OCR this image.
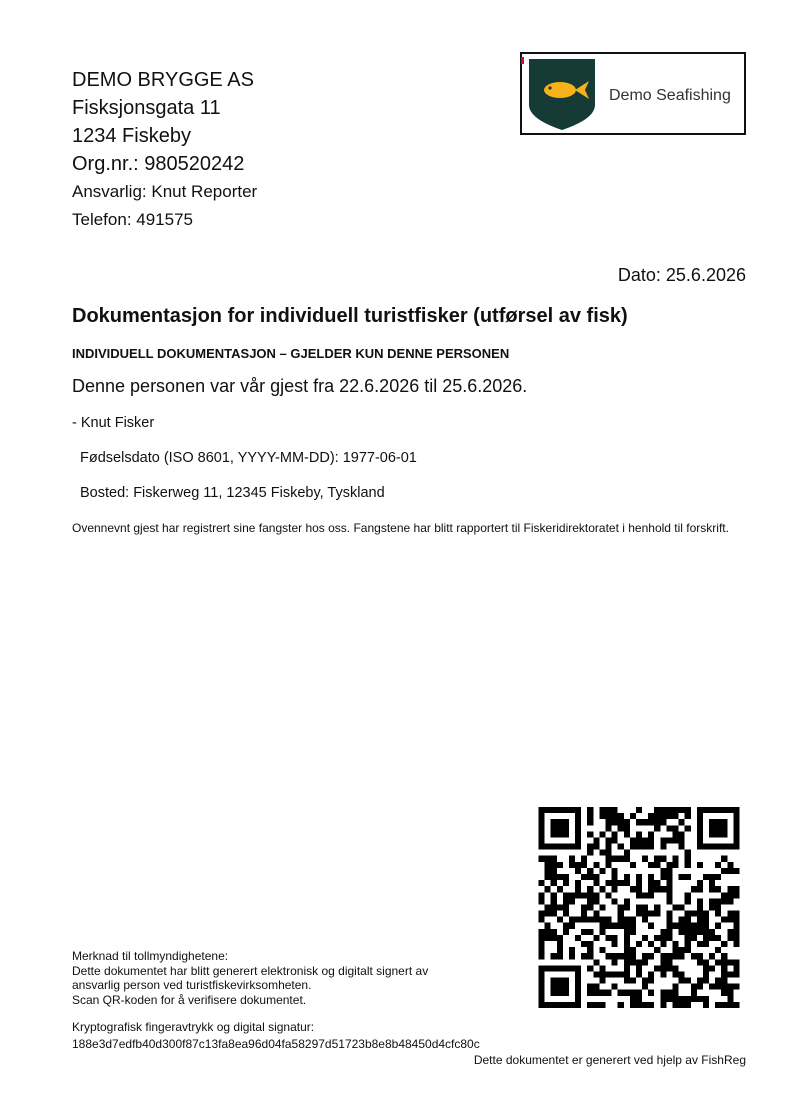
DEMO BRYGGE AS
Fisksjonsgata 11
1234 Fiskeby
Org.nr.: 980520242
Ansvarlig: Knut Reporter
Telefon: 491575
Demo Seafishing
Dato: 25.6.2026
Dokumentasjon for individuell turistfisker (utførsel av fisk)
INDIVIDUELL DOKUMENTASJON – GJELDER KUN DENNE PERSONEN
Denne personen var vår gjest fra 22.6.2026 til 25.6.2026.
- Knut Fisker
Fødselsdato (ISO 8601, YYYY-MM-DD): 1977-06-01
Bosted: Fiskerweg 11, 12345 Fiskeby, Tyskland
Ovennevnt gjest har registrert sine fangster hos oss. Fangstene har blitt rapportert til Fiskeridirektoratet i henhold til forskrift.
Merknad til tollmyndighetene:
Dette dokumentet har blitt generert elektronisk og digitalt signert av
ansvarlig person ved turistfiskevirksomheten.
Scan QR-koden for å verifisere dokumentet.
Kryptografisk fingeravtrykk og digital signatur:
188e3d7edfb40d300f87c13fa8ea96d04fa58297d51723b8e8b48450d4cfc80c
Dette dokumentet er generert ved hjelp av FishReg
